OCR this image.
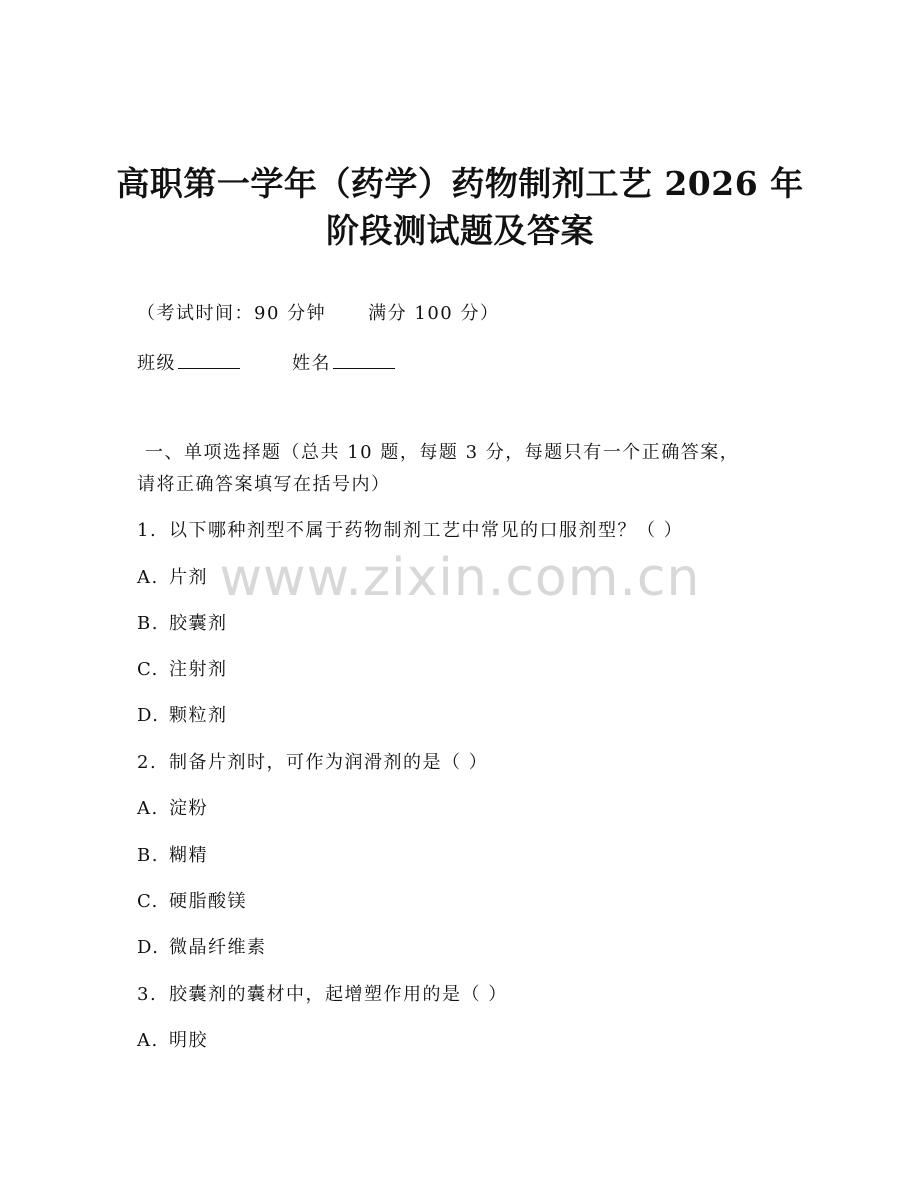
高职第一学年（药学）药物制剂工艺 2026 年
阶段测试题及答案
（考试时间：90 分钟 满分 100 分）
班级	姓名
一、单项选择题（总共 10 题，每题 3 分，每题只有一个正确答案，
请将正确答案填写在括号内）
1. 以下哪种剂型不属于药物制剂工艺中常见的口服剂型？（ ）
A. 片剂
B. 胶囊剂
C. 注射剂
D. 颗粒剂
2. 制备片剂时，可作为润滑剂的是（ ）
A. 淀粉
B. 糊精
C. 硬脂酸镁
D. 微晶纤维素
3. 胶囊剂的囊材中，起增塑作用的是（ ）
A. 明胶
www.zixin.com.cn
